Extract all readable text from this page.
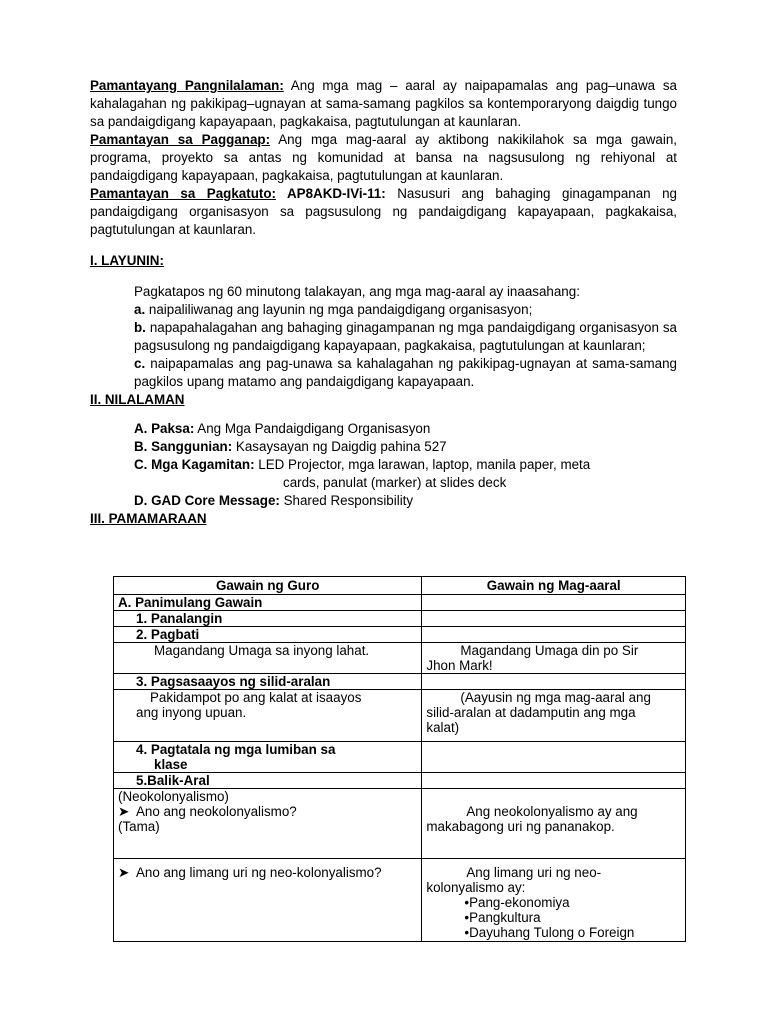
Pamantayang Pangnilalaman: Ang mga mag – aaral ay naipapamalas ang pag–unawa sa kahalagahan ng pakikipag–ugnayan at sama-samang pagkilos sa kontemporaryong daigdig tungo sa pandaigdigang kapayapaan, pagkakaisa, pagtutulungan at kaunlaran.

Pamantayan sa Pagganap: Ang mga mag-aaral ay aktibong nakikilahok sa mga gawain, programa, proyekto sa antas ng komunidad at bansa na nagsusulong ng rehiyonal at pandaigdigang kapayapaan, pagkakaisa, pagtutulungan at kaunlaran.

Pamantayan sa Pagkatuto: AP8AKD-IVi-11: Nasusuri ang bahaging ginagampanan ng pandaigdigang organisasyon sa pagsusulong ng pandaigdigang kapayapaan, pagkakaisa, pagtutulungan at kaunlaran.

I. LAYUNIN:

Pagkatapos ng 60 minutong talakayan, ang mga mag-aaral ay inaasahang:

a. naipaliliwanag ang layunin ng mga pandaigdigang organisasyon;

b. napapahalagahan ang bahaging ginagampanan ng mga pandaigdigang organisasyon sa pagsusulong ng pandaigdigang kapayapaan, pagkakaisa, pagtutulungan at kaunlaran;

c. naipapamalas ang pag-unawa sa kahalagahan ng pakikipag-ugnayan at sama-samang pagkilos upang matamo ang pandaigdigang kapayapaan.

II. NILALAMAN

A. Paksa: Ang Mga Pandaigdigang Organisasyon

B. Sanggunian: Kasaysayan ng Daigdig pahina 527

C. Mga Kagamitan: LED Projector, mga larawan, laptop, manila paper, meta

cards, panulat (marker) at slides deck

D. GAD Core Message: Shared Responsibility

III. PAMAMARAAN

Gawain ng Guro	Gawain ng Mag-aaral
A. Panimulang Gawain	
1. Panalangin	
2. Pagbati	
Magandang Umaga sa inyong lahat.	Magandang Umaga din po Sir
Jhon Mark!

3. Pagsasaayos ng silid-aralan	

Pakidampot po ang kalat at isaayos
ang inyong upuan.	(Aayusin ng mga mag-aaral ang
silid-aralan at dadamputin ang mga
kalat)

4. Pagtatala ng mga lumiban sa
klase	

5.Balik-Aral	

(Neokolonyalismo)
➤ Ano ang neokolonyalismo?
(Tama)	Ang neokolonyalismo ay ang
makabagong uri ng pananakop.

➤ Ano ang limang uri ng neo-kolonyalismo?	Ang limang uri ng neo-
kolonyalismo ay:
•Pang-ekonomiya
•Pangkultura
•Dayuhang Tulong o Foreign
